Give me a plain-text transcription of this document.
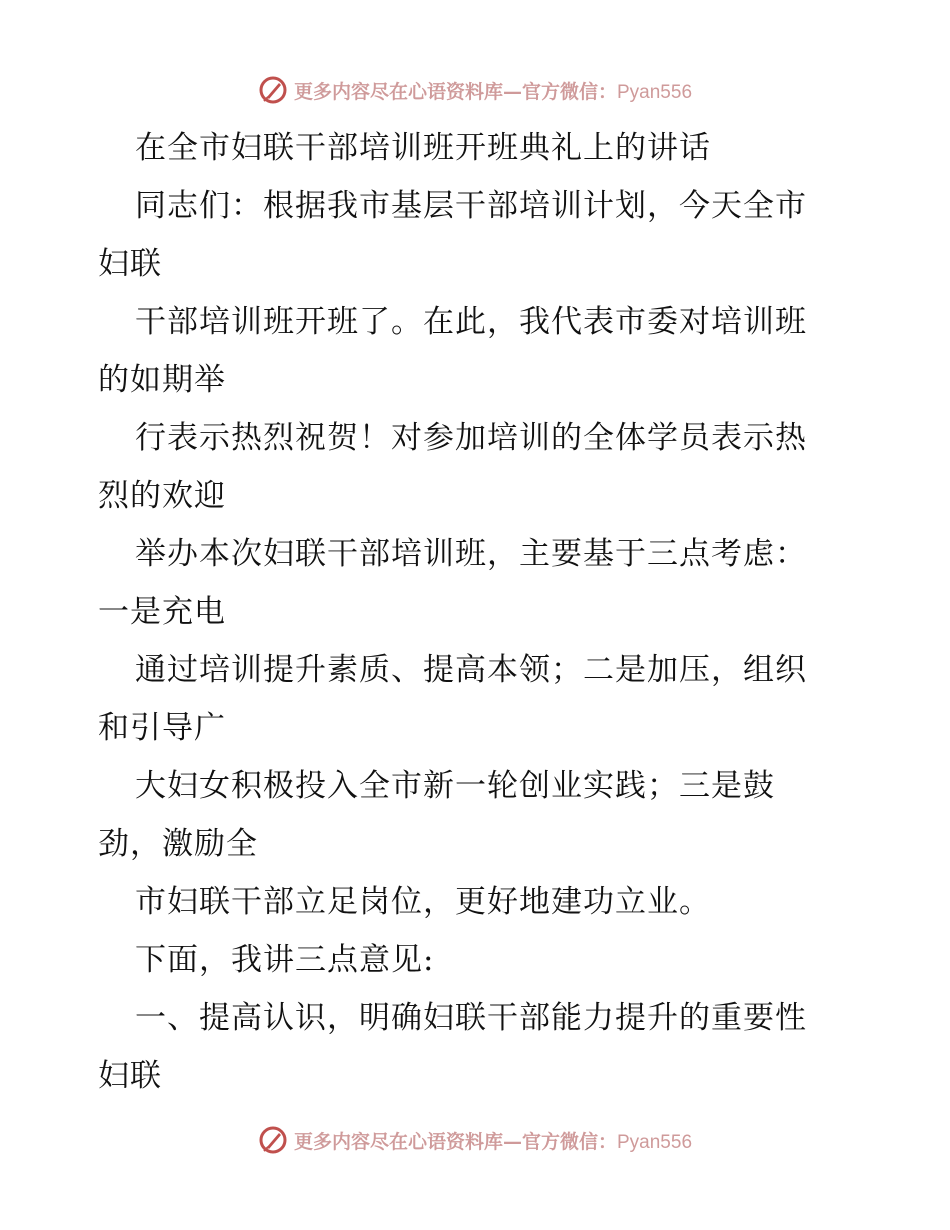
更多内容尽在心语资料库—官方微信：Pyan556
在全市妇联干部培训班开班典礼上的讲话
同志们：根据我市基层干部培训计划，今天全市
妇联
干部培训班开班了。在此，我代表市委对培训班
的如期举
行表示热烈祝贺！对参加培训的全体学员表示热
烈的欢迎
举办本次妇联干部培训班，主要基于三点考虑：
一是充电
通过培训提升素质、提高本领；二是加压，组织
和引导广
大妇女积极投入全市新一轮创业实践；三是鼓
劲，激励全
市妇联干部立足岗位，更好地建功立业。
下面，我讲三点意见:
一、提高认识，明确妇联干部能力提升的重要性
妇联
更多内容尽在心语资料库—官方微信：Pyan556
